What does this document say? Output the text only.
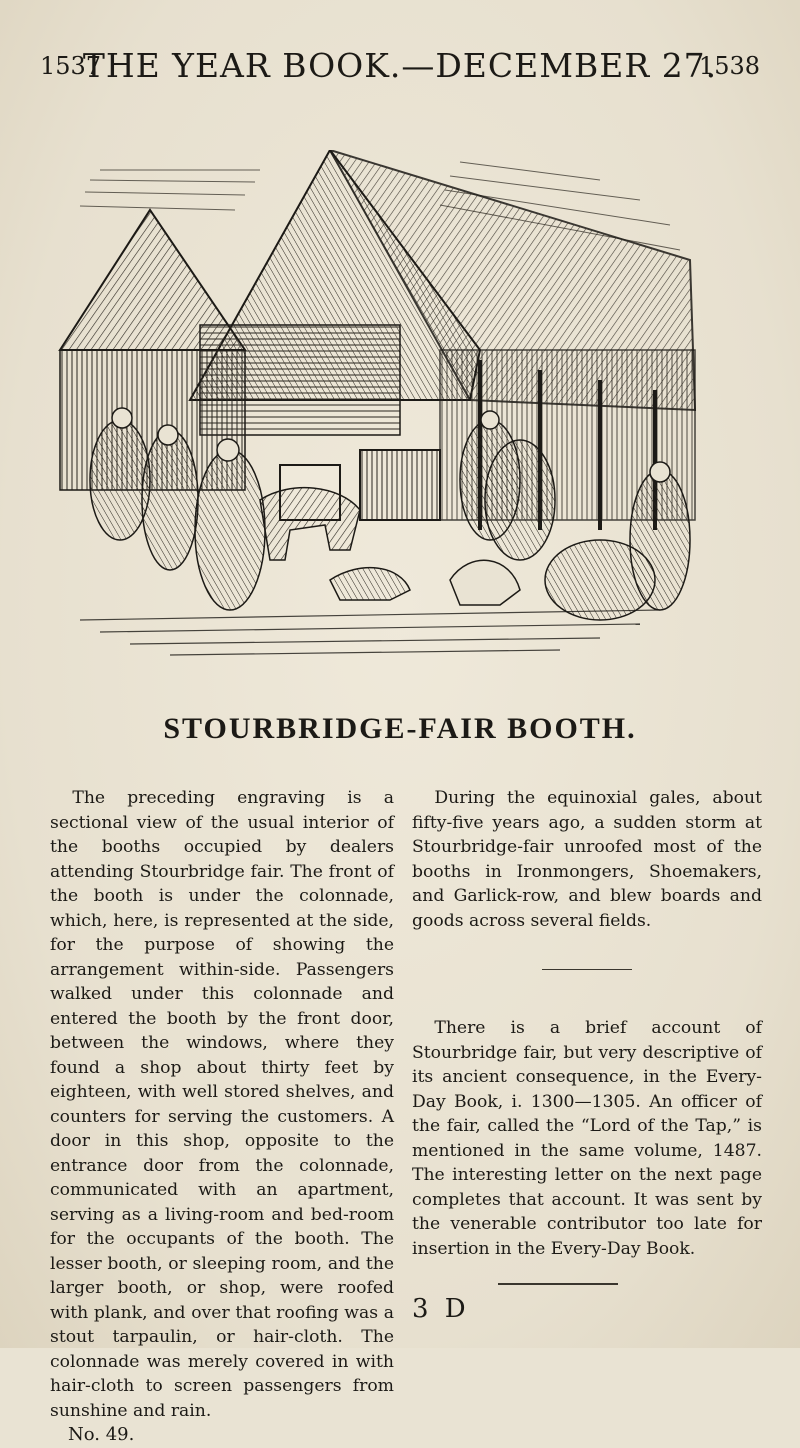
1537
THE YEAR BOOK.—DECEMBER 27.
1538
STOURBRIDGE-FAIR BOOTH.

The preceding engraving is a sectional view of the usual interior of the booths occupied by dealers attending Stourbridge fair. The front of the booth is under the colonnade, which, here, is represented at the side, for the purpose of showing the arrangement within-side. Passengers walked under this colonnade and entered the booth by the front door, between the windows, where they found a shop about thirty feet by eighteen, with well stored shelves, and counters for serving the customers. A door in this shop, opposite to the entrance door from the colonnade, communicated with an apartment, serving as a living-room and bed-room for the occupants of the booth. The lesser booth, or sleeping room, and the larger booth, or shop, were roofed with plank, and over that roofing was a stout tarpaulin, or hair-cloth. The colonnade was merely covered in with hair-cloth to screen passengers from sunshine and rain.

No. 49.

During the equinoxial gales, about fifty-five years ago, a sudden storm at Stourbridge-fair unroofed most of the booths in Ironmongers, Shoemakers, and Garlick-row, and blew boards and goods across several fields.

There is a brief account of Stourbridge fair, but very descriptive of its ancient consequence, in the Every-Day Book, i. 1300—1305. An officer of the fair, called the “Lord of the Tap,” is mentioned in the same volume, 1487. The interesting letter on the next page completes that account. It was sent by the venerable contributor too late for insertion in the Every-Day Book.

3 D
